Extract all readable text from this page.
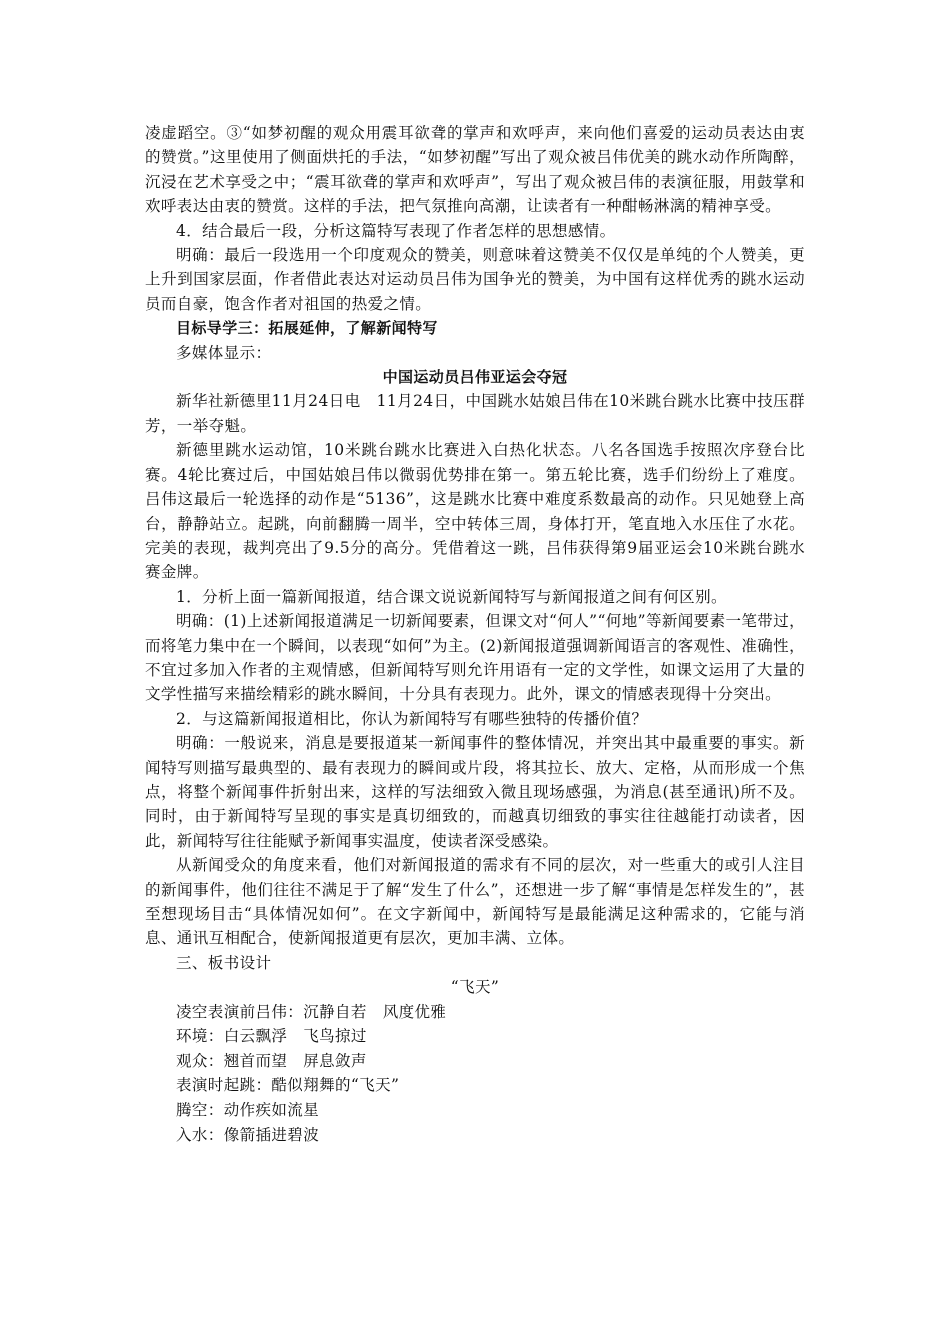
凌虚蹈空。③“如梦初醒的观众用震耳欲聋的掌声和欢呼声，来向他们喜爱的运动员表达由衷的赞赏。”这里使用了侧面烘托的手法，“如梦初醒”写出了观众被吕伟优美的跳水动作所陶醉，沉浸在艺术享受之中；“震耳欲聋的掌声和欢呼声”，写出了观众被吕伟的表演征服，用鼓掌和欢呼表达由衷的赞赏。这样的手法，把气氛推向高潮，让读者有一种酣畅淋漓的精神享受。

4．结合最后一段，分析这篇特写表现了作者怎样的思想感情。

明确：最后一段选用一个印度观众的赞美，则意味着这赞美不仅仅是单纯的个人赞美，更上升到国家层面，作者借此表达对运动员吕伟为国争光的赞美，为中国有这样优秀的跳水运动员而自豪，饱含作者对祖国的热爱之情。

目标导学三：拓展延伸，了解新闻特写

多媒体显示：

中国运动员吕伟亚运会夺冠

新华社新德里11月24日电　11月24日，中国跳水姑娘吕伟在10米跳台跳水比赛中技压群芳，一举夺魁。

新德里跳水运动馆，10米跳台跳水比赛进入白热化状态。八名各国选手按照次序登台比赛。4轮比赛过后，中国姑娘吕伟以微弱优势排在第一。第五轮比赛，选手们纷纷上了难度。吕伟这最后一轮选择的动作是“5136”，这是跳水比赛中难度系数最高的动作。只见她登上高台，静静站立。起跳，向前翻腾一周半，空中转体三周，身体打开，笔直地入水压住了水花。完美的表现，裁判亮出了9.5分的高分。凭借着这一跳，吕伟获得第9届亚运会10米跳台跳水赛金牌。

1．分析上面一篇新闻报道，结合课文说说新闻特写与新闻报道之间有何区别。

明确：(1)上述新闻报道满足一切新闻要素，但课文对“何人”“何地”等新闻要素一笔带过，而将笔力集中在一个瞬间，以表现“如何”为主。(2)新闻报道强调新闻语言的客观性、准确性，不宜过多加入作者的主观情感，但新闻特写则允许用语有一定的文学性，如课文运用了大量的文学性描写来描绘精彩的跳水瞬间，十分具有表现力。此外，课文的情感表现得十分突出。

2．与这篇新闻报道相比，你认为新闻特写有哪些独特的传播价值？

明确：一般说来，消息是要报道某一新闻事件的整体情况，并突出其中最重要的事实。新闻特写则描写最典型的、最有表现力的瞬间或片段，将其拉长、放大、定格，从而形成一个焦点，将整个新闻事件折射出来，这样的写法细致入微且现场感强，为消息(甚至通讯)所不及。同时，由于新闻特写呈现的事实是真切细致的，而越真切细致的事实往往越能打动读者，因此，新闻特写往往能赋予新闻事实温度，使读者深受感染。

从新闻受众的角度来看，他们对新闻报道的需求有不同的层次，对一些重大的或引人注目的新闻事件，他们往往不满足于了解“发生了什么”，还想进一步了解“事情是怎样发生的”，甚至想现场目击“具体情况如何”。在文字新闻中，新闻特写是最能满足这种需求的，它能与消息、通讯互相配合，使新闻报道更有层次，更加丰满、立体。

三、板书设计

“飞天”

凌空表演前吕伟：沉静自若　风度优雅

环境：白云飘浮　飞鸟掠过

观众：翘首而望　屏息敛声

表演时起跳：酷似翔舞的“飞天”

腾空：动作疾如流星

入水：像箭插进碧波
